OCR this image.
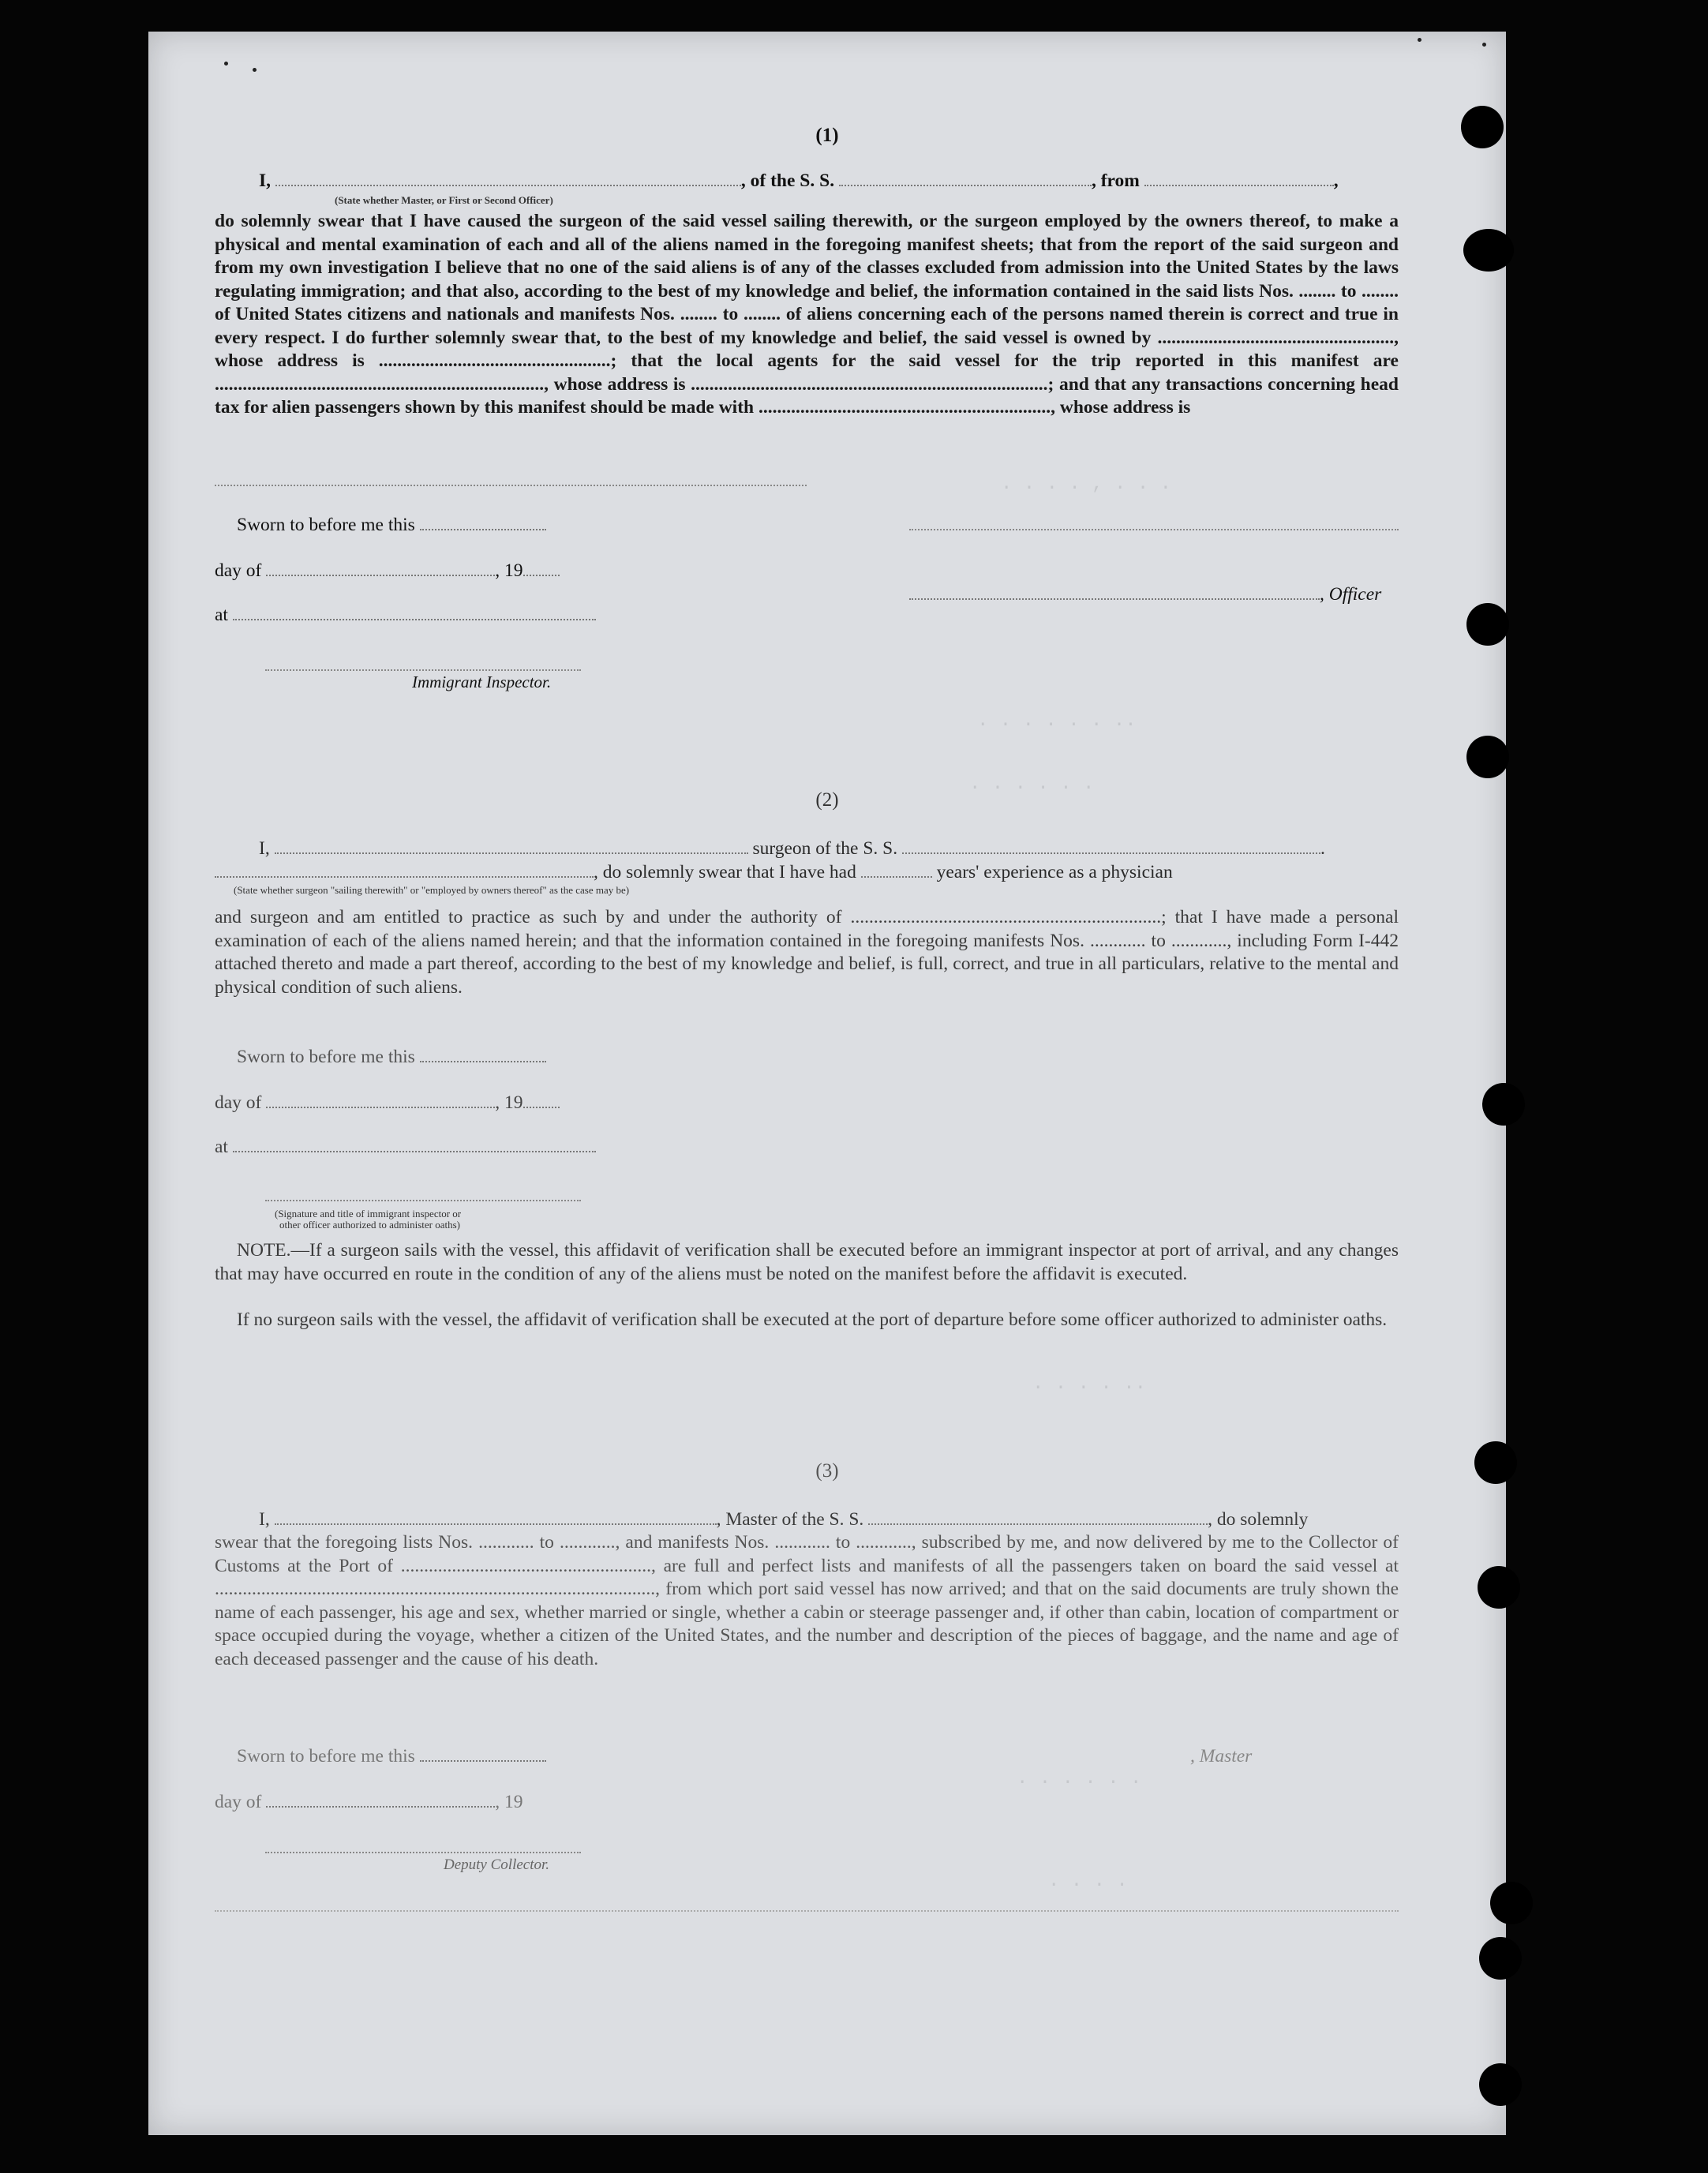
. . . . , . . .
. . . . . . ..
. . . . . .
. . . . ..
. . . . . .
. . . .
(1)
I,	, of the S. S.	, from	,
(State whether Master, or First or Second Officer)
do solemnly swear that I have caused the surgeon of the said vessel sailing therewith, or the surgeon employed by the owners thereof, to make a physical and mental examination of each and all of the aliens named in the foregoing manifest sheets; that from the report of the said surgeon and from my own investigation I believe that no one of the said aliens is of any of the classes excluded from admission into the United States by the laws regulating immigration; and that also, according to the best of my knowledge and belief, the information contained in the said lists Nos. ........ to ........ of United States citizens and nationals and manifests Nos. ........ to ........ of aliens concerning each of the persons named therein is correct and true in every respect. I do further solemnly swear that, to the best of my knowledge and belief, the said vessel is owned by ..................................................., whose address is ..................................................; that the local agents for the said vessel for the trip reported in this manifest are ......................................................................., whose address is .............................................................................; and that any transactions concerning head tax for alien passengers shown by this manifest should be made with ..............................................................., whose address is
Sworn to before me this
day of	, 19
, Officer
at
Immigrant Inspector.
(2)
I,	surgeon of the S. S.	.
, do solemnly swear that I have had	years' experience as a physician
(State whether surgeon "sailing therewith" or "employed by owners thereof" as the case may be)
and surgeon and am entitled to practice as such by and under the authority of ...................................................................; that I have made a personal examination of each of the aliens named herein; and that the information contained in the foregoing manifests Nos. ............ to ............, including Form I-442 attached thereto and made a part thereof, according to the best of my knowledge and belief, is full, correct, and true in all particulars, relative to the mental and physical condition of such aliens.
Sworn to before me this
day of	, 19
at
(Signature and title of immigrant inspector or
other officer authorized to administer oaths)
NOTE.—If a surgeon sails with the vessel, this affidavit of verification shall be executed before an immigrant inspector at port of arrival, and any changes that may have occurred en route in the condition of any of the aliens must be noted on the manifest before the affidavit is executed.
If no surgeon sails with the vessel, the affidavit of verification shall be executed at the port of departure before some officer authorized to administer oaths.
(3)
I,	, Master of the S. S.	, do solemnly
swear that the foregoing lists Nos. ............ to ............, and manifests Nos. ............ to ............, subscribed by me, and now delivered by me to the Collector of Customs at the Port of ......................................................, are full and perfect lists and manifests of all the passengers taken on board the said vessel at ..............................................................................................., from which port said vessel has now arrived; and that on the said documents are truly shown the name of each passenger, his age and sex, whether married or single, whether a cabin or steerage passenger and, if other than cabin, location of compartment or space occupied during the voyage, whether a citizen of the United States, and the number and description of the pieces of baggage, and the name and age of each deceased passenger and the cause of his death.
Sworn to before me this	, Master
day of	, 19
Deputy Collector.
